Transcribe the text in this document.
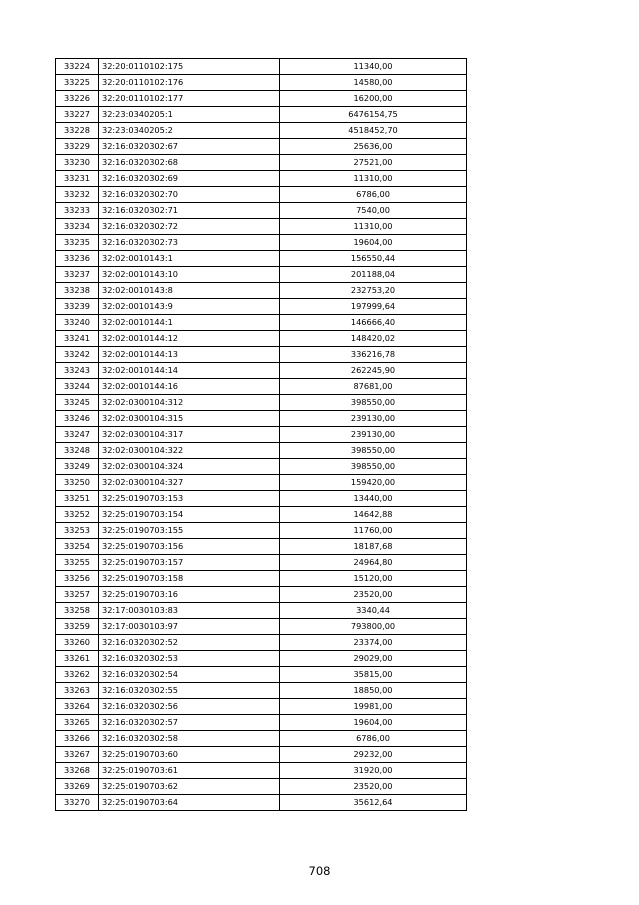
33224	32:20:0110102:175	11340,00
33225	32:20:0110102:176	14580,00
33226	32:20:0110102:177	16200,00
33227	32:23:0340205:1	6476154,75
33228	32:23:0340205:2	4518452,70
33229	32:16:0320302:67	25636,00
33230	32:16:0320302:68	27521,00
33231	32:16:0320302:69	11310,00
33232	32:16:0320302:70	6786,00
33233	32:16:0320302:71	7540,00
33234	32:16:0320302:72	11310,00
33235	32:16:0320302:73	19604,00
33236	32:02:0010143:1	156550,44
33237	32:02:0010143:10	201188,04
33238	32:02:0010143:8	232753,20
33239	32:02:0010143:9	197999,64
33240	32:02:0010144:1	146666,40
33241	32:02:0010144:12	148420,02
33242	32:02:0010144:13	336216,78
33243	32:02:0010144:14	262245,90
33244	32:02:0010144:16	87681,00
33245	32:02:0300104:312	398550,00
33246	32:02:0300104:315	239130,00
33247	32:02:0300104:317	239130,00
33248	32:02:0300104:322	398550,00
33249	32:02:0300104:324	398550,00
33250	32:02:0300104:327	159420,00
33251	32:25:0190703:153	13440,00
33252	32:25:0190703:154	14642,88
33253	32:25:0190703:155	11760,00
33254	32:25:0190703:156	18187,68
33255	32:25:0190703:157	24964,80
33256	32:25:0190703:158	15120,00
33257	32:25:0190703:16	23520,00
33258	32:17:0030103:83	3340,44
33259	32:17:0030103:97	793800,00
33260	32:16:0320302:52	23374,00
33261	32:16:0320302:53	29029,00
33262	32:16:0320302:54	35815,00
33263	32:16:0320302:55	18850,00
33264	32:16:0320302:56	19981,00
33265	32:16:0320302:57	19604,00
33266	32:16:0320302:58	6786,00
33267	32:25:0190703:60	29232,00
33268	32:25:0190703:61	31920,00
33269	32:25:0190703:62	23520,00
33270	32:25:0190703:64	35612,64
708
